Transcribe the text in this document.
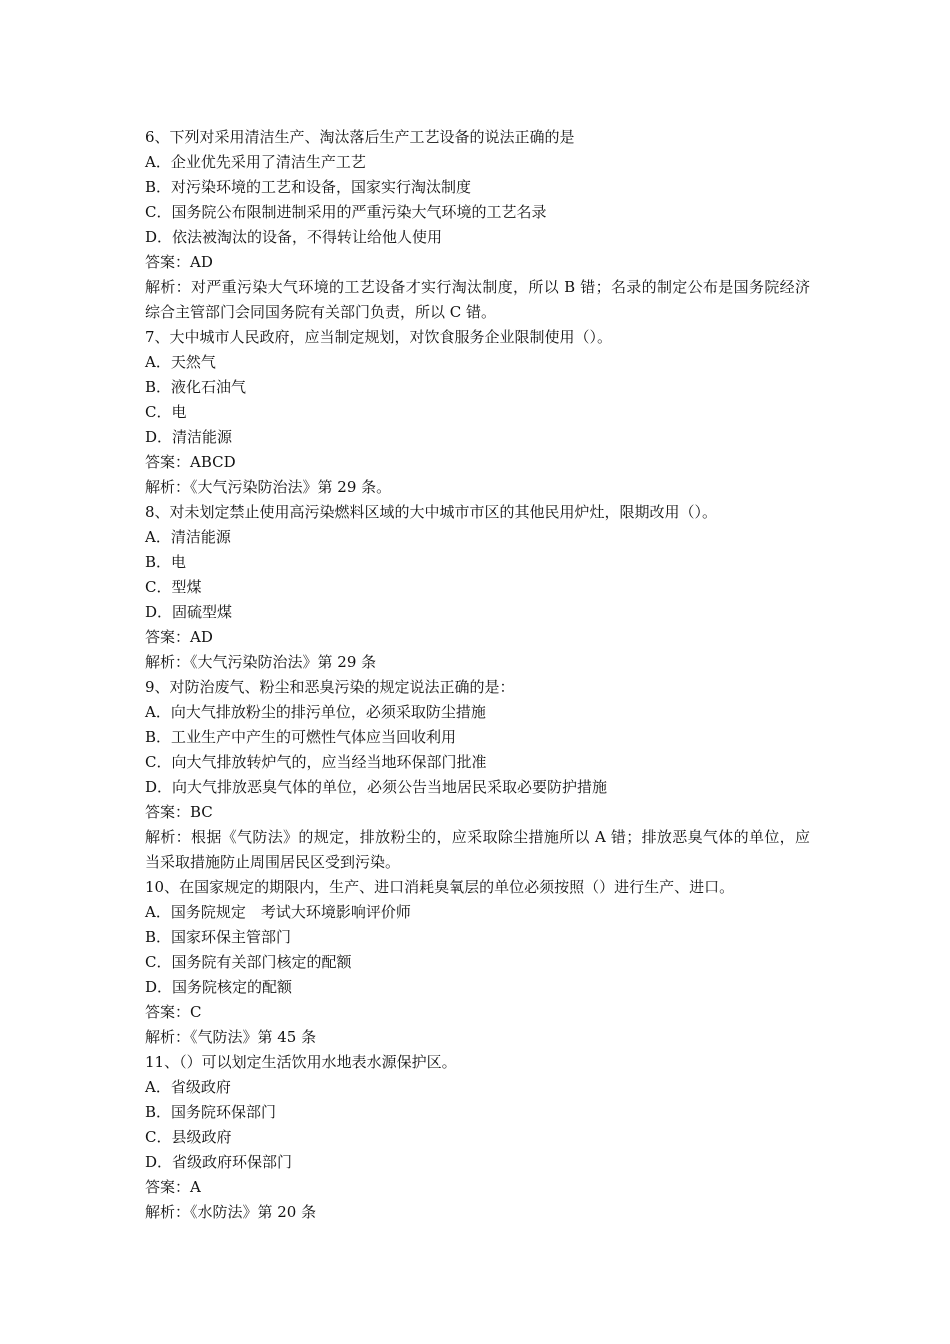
6、下列对采用清洁生产、淘汰落后生产工艺设备的说法正确的是
A．企业优先采用了清洁生产工艺
B．对污染环境的工艺和设备，国家实行淘汰制度
C．国务院公布限制进制采用的严重污染大气环境的工艺名录
D．依法被淘汰的设备，不得转让给他人使用
答案：AD
解析：对严重污染大气环境的工艺设备才实行淘汰制度，所以 B 错；名录的制定公布是国务院经济综合主管部门会同国务院有关部门负责，所以 C 错。
7、大中城市人民政府，应当制定规划，对饮食服务企业限制使用（）。
A．天然气
B．液化石油气
C．电
D．清洁能源
答案：ABCD
解析：《大气污染防治法》第 29 条。
8、对未划定禁止使用高污染燃料区域的大中城市市区的其他民用炉灶，限期改用（）。
A．清洁能源
B．电
C．型煤
D．固硫型煤
答案：AD
解析：《大气污染防治法》第 29 条
9、对防治废气、粉尘和恶臭污染的规定说法正确的是：
A．向大气排放粉尘的排污单位，必须采取防尘措施
B．工业生产中产生的可燃性气体应当回收利用
C．向大气排放转炉气的，应当经当地环保部门批准
D．向大气排放恶臭气体的单位，必须公告当地居民采取必要防护措施
答案：BC
解析：根据《气防法》的规定，排放粉尘的，应采取除尘措施所以 A 错；排放恶臭气体的单位，应当采取措施防止周围居民区受到污染。
10、在国家规定的期限内，生产、进口消耗臭氧层的单位必须按照（）进行生产、进口。
A．国务院规定　考试大环境影响评价师
B．国家环保主管部门
C．国务院有关部门核定的配额
D．国务院核定的配额
答案：C
解析：《气防法》第 45 条
11、（）可以划定生活饮用水地表水源保护区。
A．省级政府
B．国务院环保部门
C．县级政府
D．省级政府环保部门
答案：A
解析：《水防法》第 20 条
